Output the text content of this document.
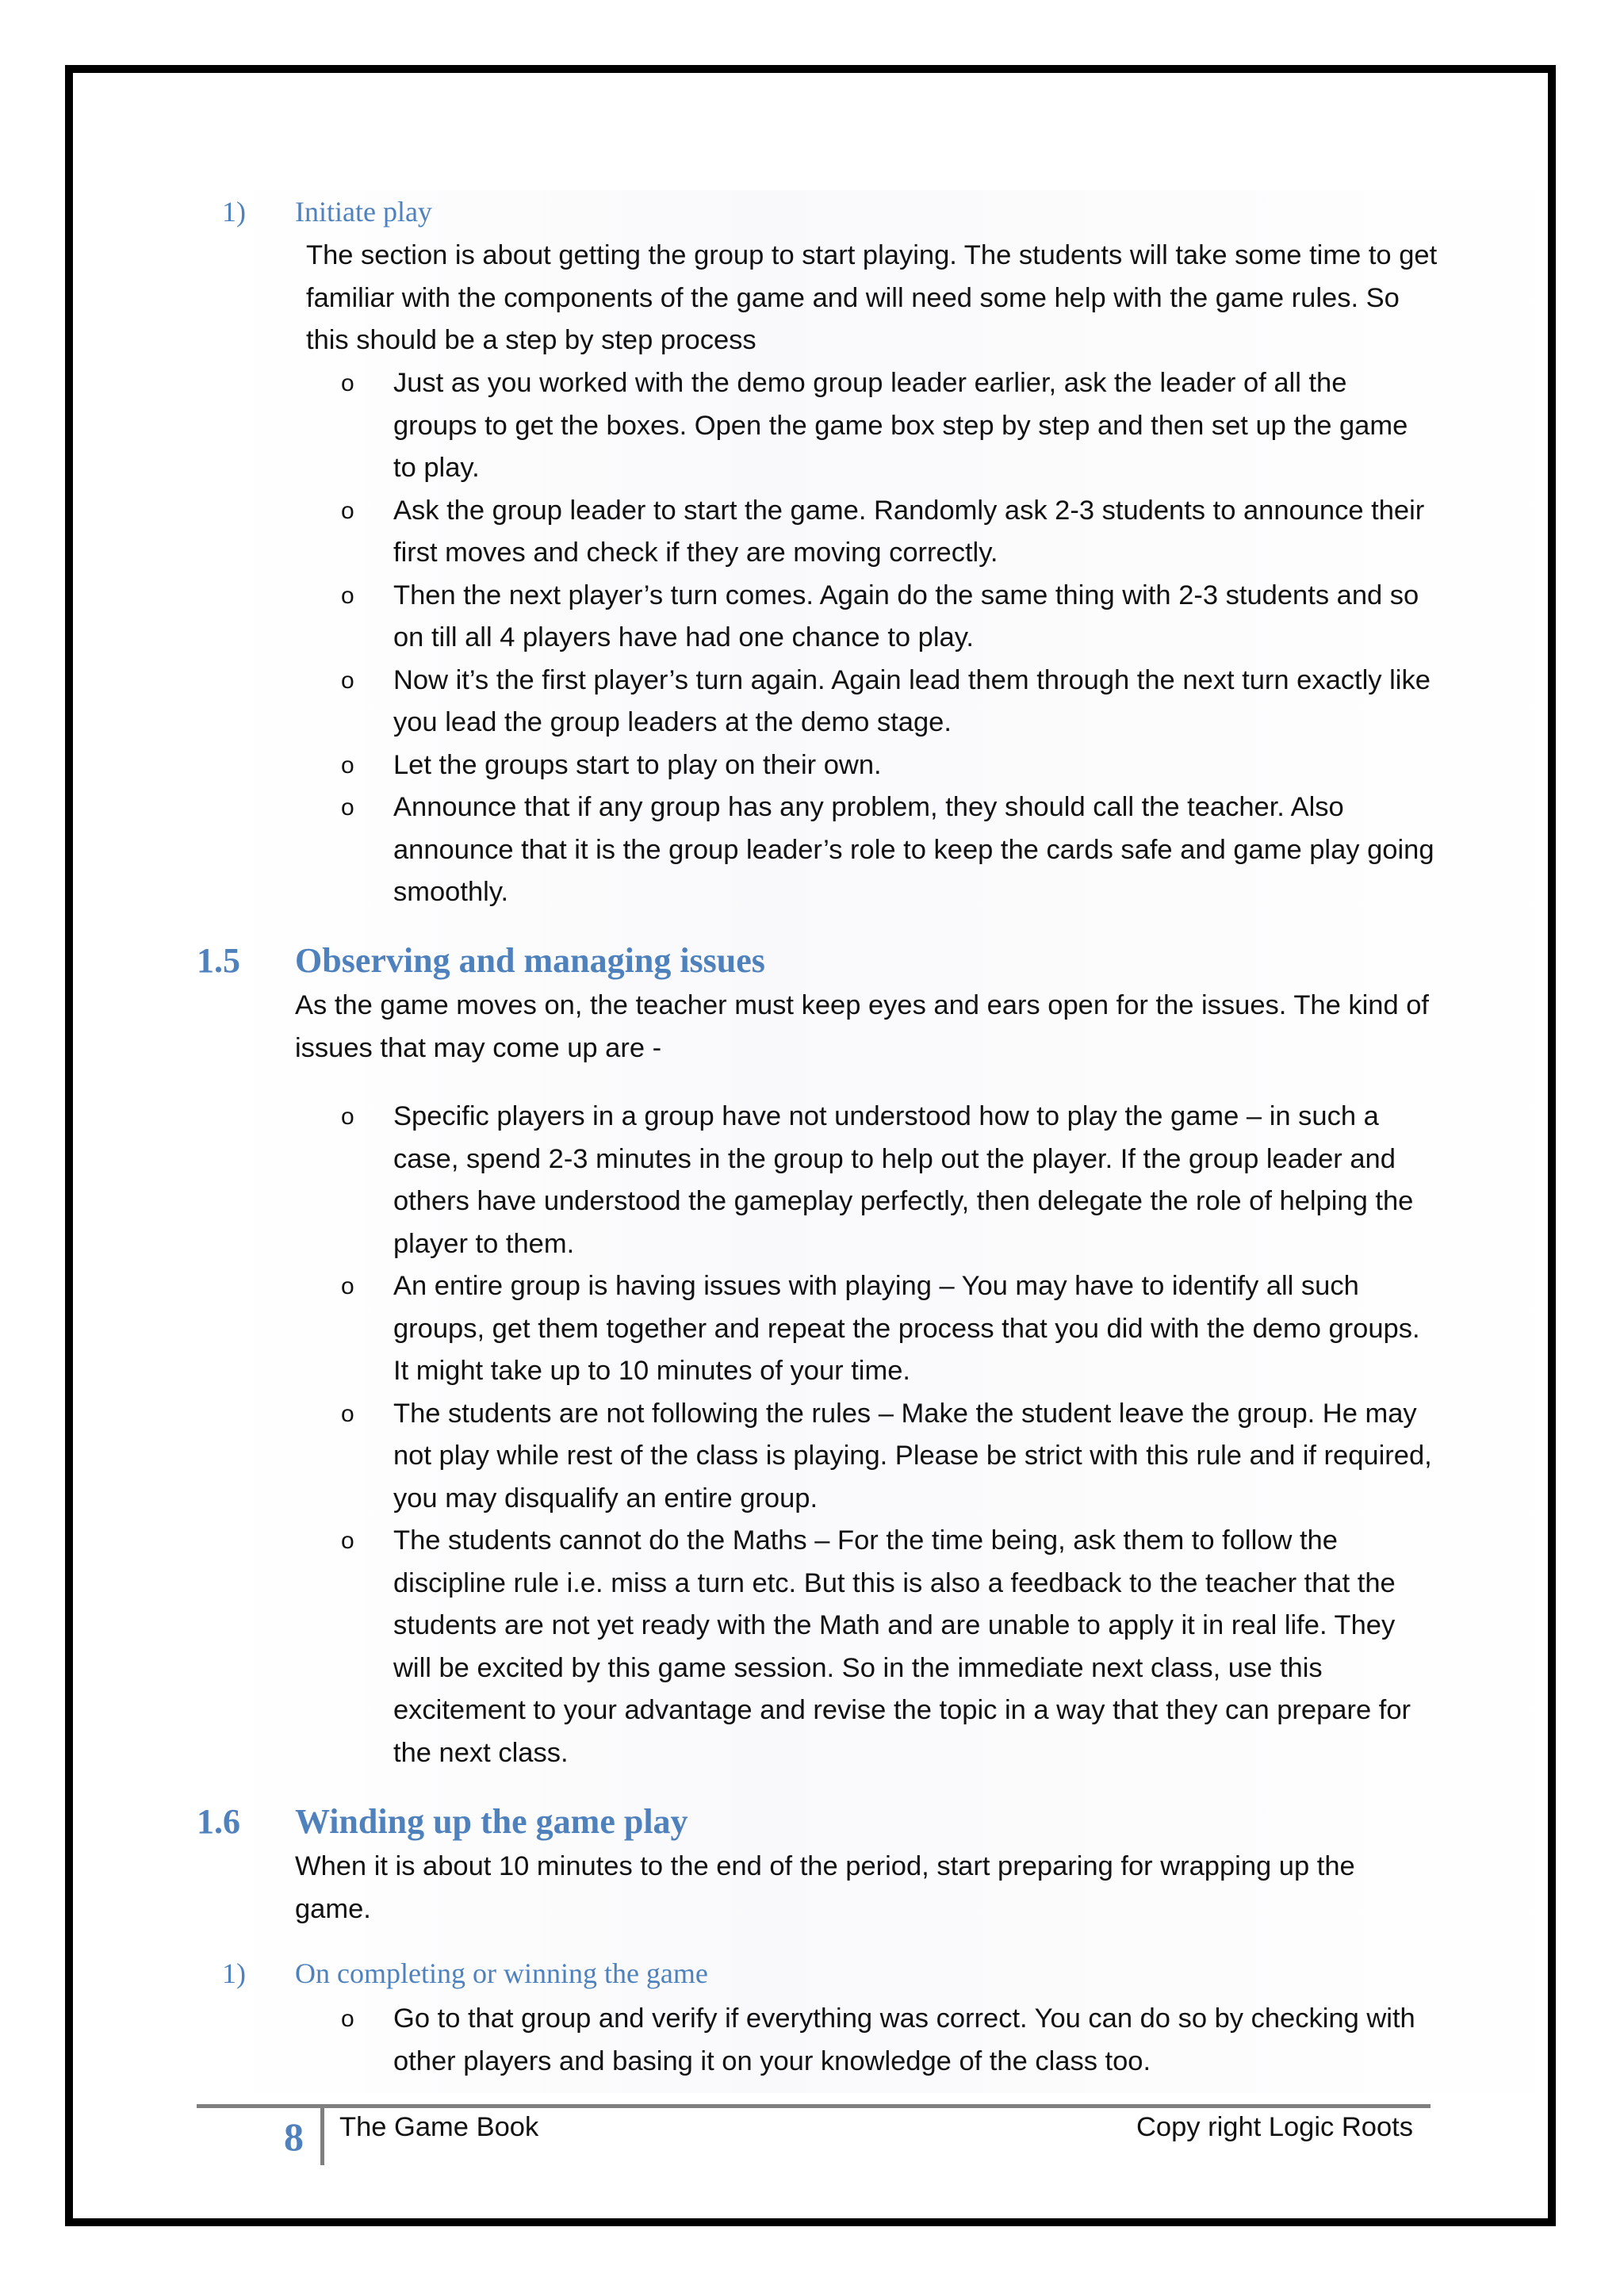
1) Initiate play
The section is about getting the group to start playing. The students will take some time to get familiar with the components of the game and will need some help with the game rules. So this should be a step by step process
o Just as you worked with the demo group leader earlier, ask the leader of all the groups to get the boxes. Open the game box step by step and then set up the game to play.
o Ask the group leader to start the game. Randomly ask 2-3 students to announce their first moves and check if they are moving correctly.
o Then the next player’s turn comes. Again do the same thing with 2-3 students and so on till all 4 players have had one chance to play.
o Now it’s the first player’s turn again. Again lead them through the next turn exactly like you lead the group leaders at the demo stage.
o Let the groups start to play on their own.
o Announce that if any group has any problem, they should call the teacher. Also announce that it is the group leader’s role to keep the cards safe and game play going smoothly.
1.5 Observing and managing issues
As the game moves on, the teacher must keep eyes and ears open for the issues. The kind of issues that may come up are -
o Specific players in a group have not understood how to play the game – in such a case, spend 2-3 minutes in the group to help out the player. If the group leader and others have understood the gameplay perfectly, then delegate the role of helping the player to them.
o An entire group is having issues with playing – You may have to identify all such groups, get them together and repeat the process that you did with the demo groups. It might take up to 10 minutes of your time.
o The students are not following the rules – Make the student leave the group. He may not play while rest of the class is playing. Please be strict with this rule and if required, you may disqualify an entire group.
o The students cannot do the Maths – For the time being, ask them to follow the discipline rule i.e. miss a turn etc. But this is also a feedback to the teacher that the students are not yet ready with the Math and are unable to apply it in real life. They will be excited by this game session. So in the immediate next class, use this excitement to your advantage and revise the topic in a way that they can prepare for the next class.
1.6 Winding up the game play
When it is about 10 minutes to the end of the period, start preparing for wrapping up the game.
1) On completing or winning the game
o Go to that group and verify if everything was correct. You can do so by checking with other players and basing it on your knowledge of the class too.
8 The Game Book	Copy right Logic Roots
